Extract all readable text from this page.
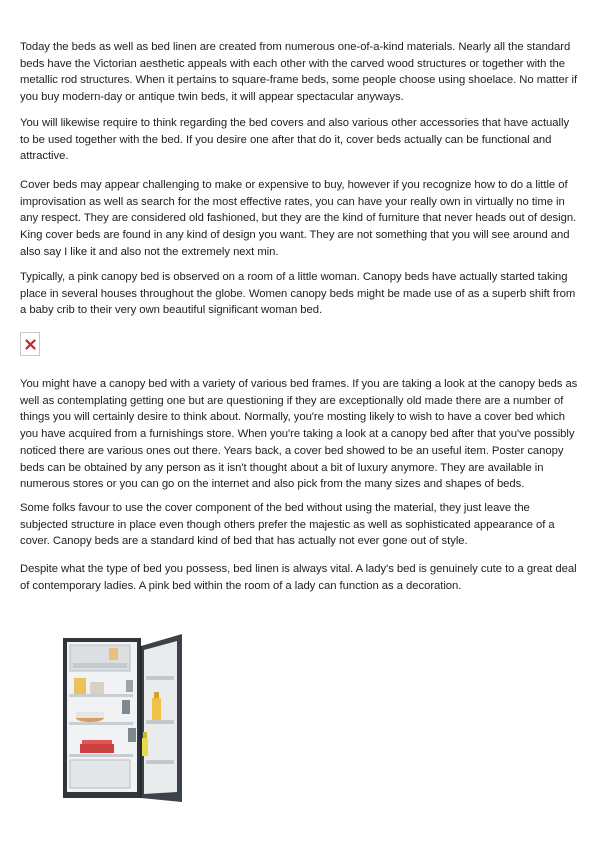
Today the beds as well as bed linen are created from numerous one-of-a-kind materials. Nearly all the standard beds have the Victorian aesthetic appeals with each other with the carved wood structures or together with the metallic rod structures. When it pertains to square-frame beds, some people choose using shoelace. No matter if you buy modern-day or antique twin beds, it will appear spectacular anyways.

You will likewise require to think regarding the bed covers and also various other accessories that have actually to be used together with the bed. If you desire one after that do it, cover beds actually can be functional and attractive.

Cover beds may appear challenging to make or expensive to buy, however if you recognize how to do a little of improvisation as well as search for the most effective rates, you can have your really own in virtually no time in any respect. They are considered old fashioned, but they are the kind of furniture that never heads out of design. King cover beds are found in any kind of design you want. They are not something that you will see around and also say I like it and also not the extremely next min.

Typically, a pink canopy bed is observed on a room of a little woman. Canopy beds have actually started taking place in several houses throughout the globe. Women canopy beds might be made use of as a superb shift from a baby crib to their very own beautiful significant woman bed.

You might have a canopy bed with a variety of various bed frames. If you are taking a look at the canopy beds as well as contemplating getting one but are questioning if they are exceptionally old made there are a number of things you will certainly desire to think about. Normally, you're mosting likely to wish to have a cover bed which you have acquired from a furnishings store. When you're taking a look at a canopy bed after that you've possibly noticed there are various ones out there. Years back, a cover bed showed to be an useful item. Poster canopy beds can be obtained by any person as it isn't thought about a bit of luxury anymore. They are available in numerous stores or you can go on the internet and also pick from the many sizes and shapes of beds.

Some folks favour to use the cover component of the bed without using the material, they just leave the subjected structure in place even though others prefer the majestic as well as sophisticated appearance of a cover. Canopy beds are a standard kind of bed that has actually not ever gone out of style.

Despite what the type of bed you possess, bed linen is always vital. A lady's bed is genuinely cute to a great deal of contemporary ladies. A pink bed within the room of a lady can function as a decoration.
